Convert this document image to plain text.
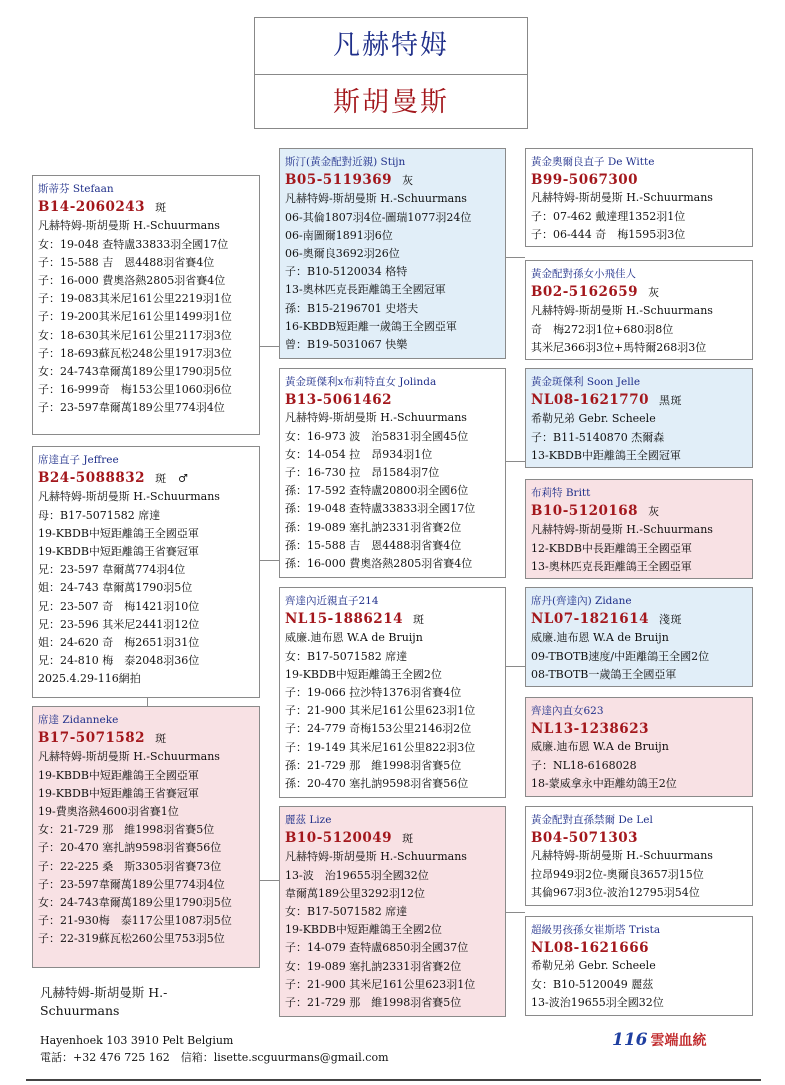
凡赫特姆
斯胡曼斯
斯蒂芬 Stefaan
B14-2060243 斑
凡赫特姆-斯胡曼斯 H.-Schuurmans
女：19-048 查特盧33833羽全國17位
子：15-588 吉　恩4488羽省賽4位
子：16-000 費奧洛熱2805羽省賽4位
子：19-083其米尼161公里2219羽1位
子：19-200其米尼161公里1499羽1位
女：18-630其米尼161公里2117羽3位
子：18-693蘇瓦松248公里1917羽3位
女：24-743韋爾萬189公里1790羽5位
子：16-999奇　梅153公里1060羽6位
子：23-597韋爾萬189公里774羽4位
斯汀(黃金配對近親) Stijn
B05-5119369 灰
凡赫特姆-斯胡曼斯 H.-Schuurmans
06-其倫1807羽4位-圖瑞1077羽24位
06-南圖爾1891羽6位
06-奧爾良3692羽26位
子：B10-5120034 格特
13-奧林匹克長距離鴿王全國冠軍
孫：B15-2196701 史塔夫
16-KBDB短距離一歲鴿王全國亞軍
曾：B19-5031067 快樂
黃金奧爾良直子 De Witte
B99-5067300
凡赫特姆-斯胡曼斯 H.-Schuurmans
子：07-462 戴達理1352羽1位
子：06-444 奇　梅1595羽3位
黃金配對孫女小飛佳人
B02-5162659 灰
凡赫特姆-斯胡曼斯 H.-Schuurmans
奇　梅272羽1位+680羽8位
其米尼366羽3位+馬特爾268羽3位
黃金斑傑利x布莉特直女 Jolinda
B13-5061462
凡赫特姆-斯胡曼斯 H.-Schuurmans
女：16-973 波　治5831羽全國45位
女：14-054 拉　昂934羽1位
子：16-730 拉　昂1584羽7位
孫：17-592 查特盧20800羽全國6位
孫：19-048 查特盧33833羽全國17位
孫：19-089 塞扎訥2331羽省賽2位
孫：15-588 吉　恩4488羽省賽4位
孫：16-000 費奧洛熱2805羽省賽4位
黃金斑傑利 Soon Jelle
NL08-1621770 黑斑
希勒兄弟 Gebr. Scheele
子：B11-5140870 杰爾森
13-KBDB中距離鴿王全國冠軍
布莉特 Britt
B10-5120168 灰
凡赫特姆-斯胡曼斯 H.-Schuurmans
12-KBDB中長距離鴿王全國亞軍
13-奧林匹克長距離鴿王全國亞軍
席達直子 Jeffree
B24-5088832 斑　♂
凡赫特姆-斯胡曼斯 H.-Schuurmans
母：B17-5071582 席達
19-KBDB中短距離鴿王全國亞軍
19-KBDB中短距離鴿王省賽冠軍
兄：23-597 韋爾萬774羽4位
姐：24-743 韋爾萬1790羽5位
兄：23-507 奇　梅1421羽10位
兄：23-596 其米尼2441羽12位
姐：24-620 奇　梅2651羽31位
兄：24-810 梅　泰2048羽36位
2025.4.29-116網拍
齊達內近親直子214
NL15-1886214 斑
威廉.迪布恩 W.A de Bruijn
女：B17-5071582 席達
19-KBDB中短距離鴿王全國2位
子：19-066 拉沙特1376羽省賽4位
子：21-900 其米尼161公里623羽1位
子：24-779 奇梅153公里2146羽2位
子：19-149 其米尼161公里822羽3位
孫：21-729 那　維1998羽省賽5位
孫：20-470 塞扎訥9598羽省賽56位
席丹(齊達內) Zidane
NL07-1821614 淺斑
威廉.迪布恩 W.A de Bruijn
09-TBOTB速度/中距離鴿王全國2位
08-TBOTB一歲鴿王全國亞軍
齊達內直女623
NL13-1238623
威廉.迪布恩 W.A de Bruijn
子：NL18-6168028
18-蒙威拿永中距離幼鴿王2位
席達 Zidanneke
B17-5071582 斑
凡赫特姆-斯胡曼斯 H.-Schuurmans
19-KBDB中短距離鴿王全國亞軍
19-KBDB中短距離鴿王省賽冠軍
19-費奧洛熱4600羽省賽1位
女：21-729 那　維1998羽省賽5位
子：20-470 塞扎訥9598羽省賽56位
子：22-225 桑　斯3305羽省賽73位
子：23-597韋爾萬189公里774羽4位
女：24-743韋爾萬189公里1790羽5位
子：21-930梅　泰117公里1087羽5位
子：22-319蘇瓦松260公里753羽5位
麗茲 Lize
B10-5120049 斑
凡赫特姆-斯胡曼斯 H.-Schuurmans
13-波　治19655羽全國32位
韋爾萬189公里3292羽12位
女：B17-5071582 席達
19-KBDB中短距離鴿王全國2位
子：14-079 查特盧6850羽全國37位
女：19-089 塞扎訥2331羽省賽2位
子：21-900 其米尼161公里623羽1位
子：21-729 那　維1998羽省賽5位
黃金配對直孫禁爾 De Lel
B04-5071303
凡赫特姆-斯胡曼斯 H.-Schuurmans
拉昂949羽2位-奧爾良3657羽15位
其倫967羽3位-波治12795羽54位
超級男孩孫女崔斯塔 Trista
NL08-1621666
希勒兄弟 Gebr. Scheele
女：B10-5120049 麗茲
13-波治19655羽全國32位
凡赫特姆-斯胡曼斯 H.-
Schuurmans
Hayenhoek 103 3910 Pelt Belgium
電話：+32 476 725 162　信箱：lisette.scguurmans@gmail.com
116 雲端血統
